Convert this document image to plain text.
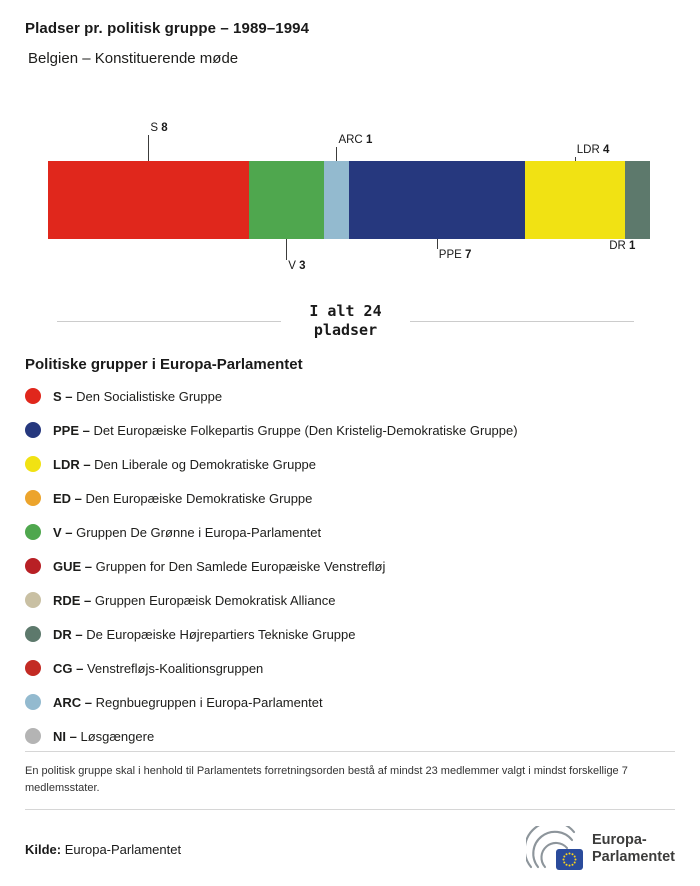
Pladser pr. politisk gruppe – 1989–1994
Belgien – Konstituerende møde
S 8
V 3
ARC 1
PPE 7
LDR 4
DR 1
I alt 24
pladser
Politiske grupper i Europa-Parlamentet
S – Den Socialistiske Gruppe
PPE – Det Europæiske Folkepartis Gruppe (Den Kristelig-Demokratiske Gruppe)
LDR – Den Liberale og Demokratiske Gruppe
ED – Den Europæiske Demokratiske Gruppe
V – Gruppen De Grønne i Europa-Parlamentet
GUE – Gruppen for Den Samlede Europæiske Venstrefløj
RDE – Gruppen Europæisk Demokratisk Alliance
DR – De Europæiske Højrepartiers Tekniske Gruppe
CG – Venstrefløjs-Koalitionsgruppen
ARC – Regnbuegruppen i Europa-Parlamentet
NI – Løsgængere
En politisk gruppe skal i henhold til Parlamentets forretningsorden bestå af mindst 23 medlemmer valgt i mindst forskellige 7 medlemsstater.
Kilde: Europa-Parlamentet
Europa-
Parlamentet
